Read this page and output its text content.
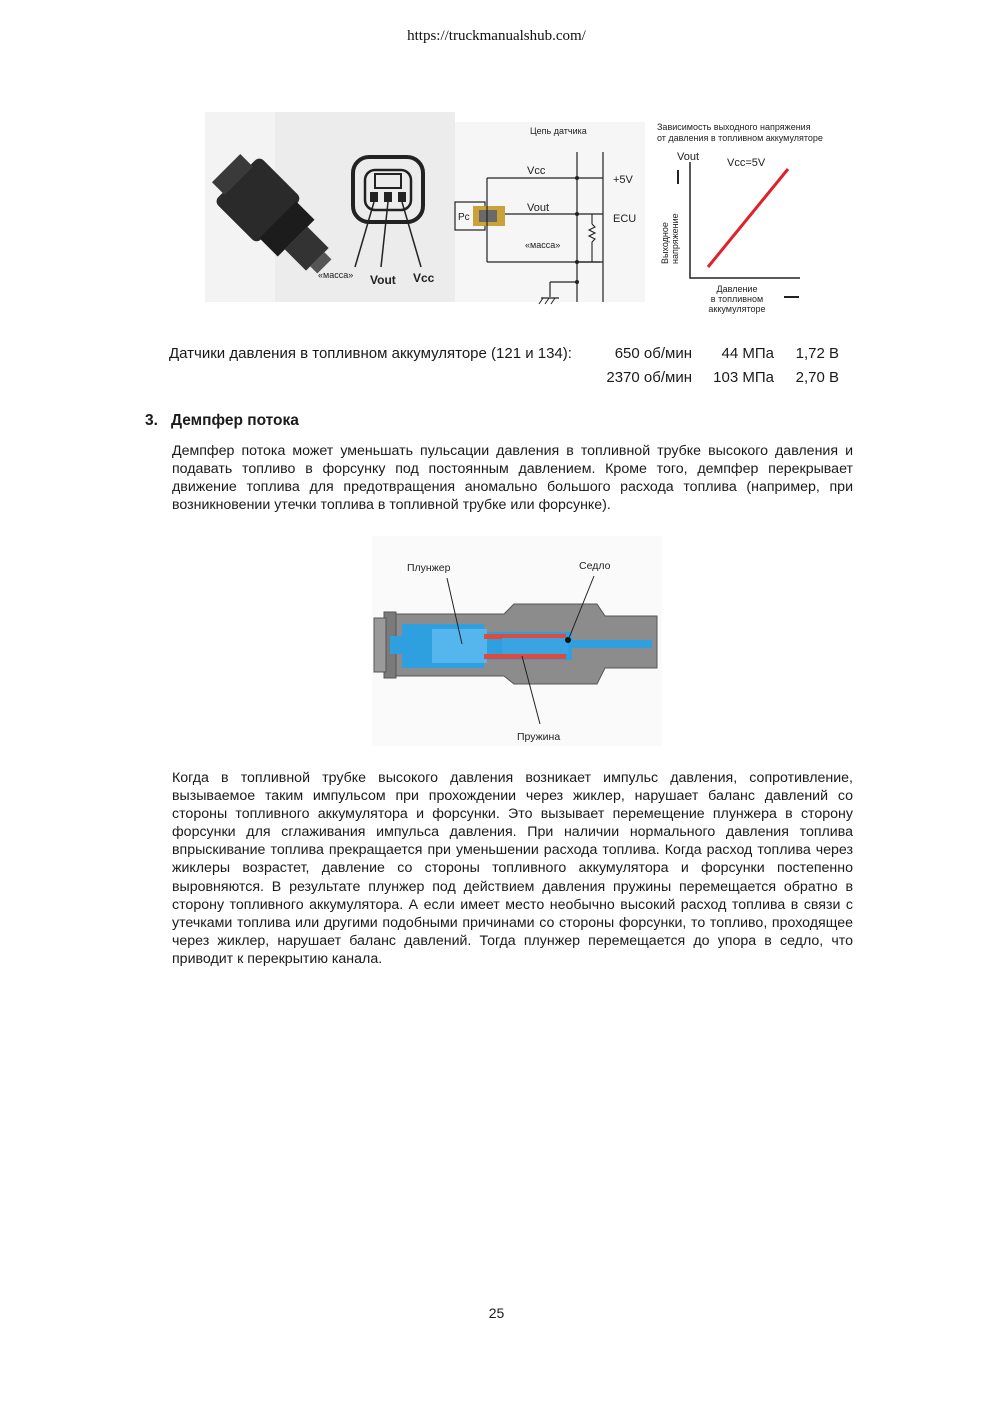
https://truckmanualshub.com/
«масса» Vout Vcc
Цепь датчика
Pc
Vcc
+5V
Vout
ECU
«масса»
Зависимость выходного напряжения
от давления в топливном аккумуляторе
Vout	Vcc=5V
Выходное напряжение
Давление
в топливном
аккумуляторе
Датчики давления в топливном аккумуляторе (121 и 134):	650 об/мин	44 МПа	1,72 В
2370 об/мин	103 МПа	2,70 В
3. Демпфер потока

Демпфер потока может уменьшать пульсации давления в топливной трубке высокого давления и подавать топливо в форсунку под постоянным давлением. Кроме того, демпфер перекрывает движение топлива для предотвращения аномально большого расхода топлива (например, при возникновении утечки топлива в топливной трубке или форсунке).

Плунжер	Седло
Пружина

Когда в топливной трубке высокого давления возникает импульс давления, сопротивление, вызываемое таким импульсом при прохождении через жиклер, нарушает баланс давлений со стороны топливного аккумулятора и форсунки. Это вызывает перемещение плунжера в сторону форсунки для сглаживания импульса давления. При наличии нормального давления топлива впрыскивание топлива прекращается при уменьшении расхода топлива. Когда расход топлива через жиклеры возрастет, давление со стороны топливного аккумулятора и форсунки постепенно выровняются. В результате плунжер под действием давления пружины перемещается обратно в сторону топливного аккумулятора. А если имеет место необычно высокий расход топлива в связи с утечками топлива или другими подобными причинами со стороны форсунки, то топливо, проходящее через жиклер, нарушает баланс давлений. Тогда плунжер перемещается до упора в седло, что приводит к перекрытию канала.

25
